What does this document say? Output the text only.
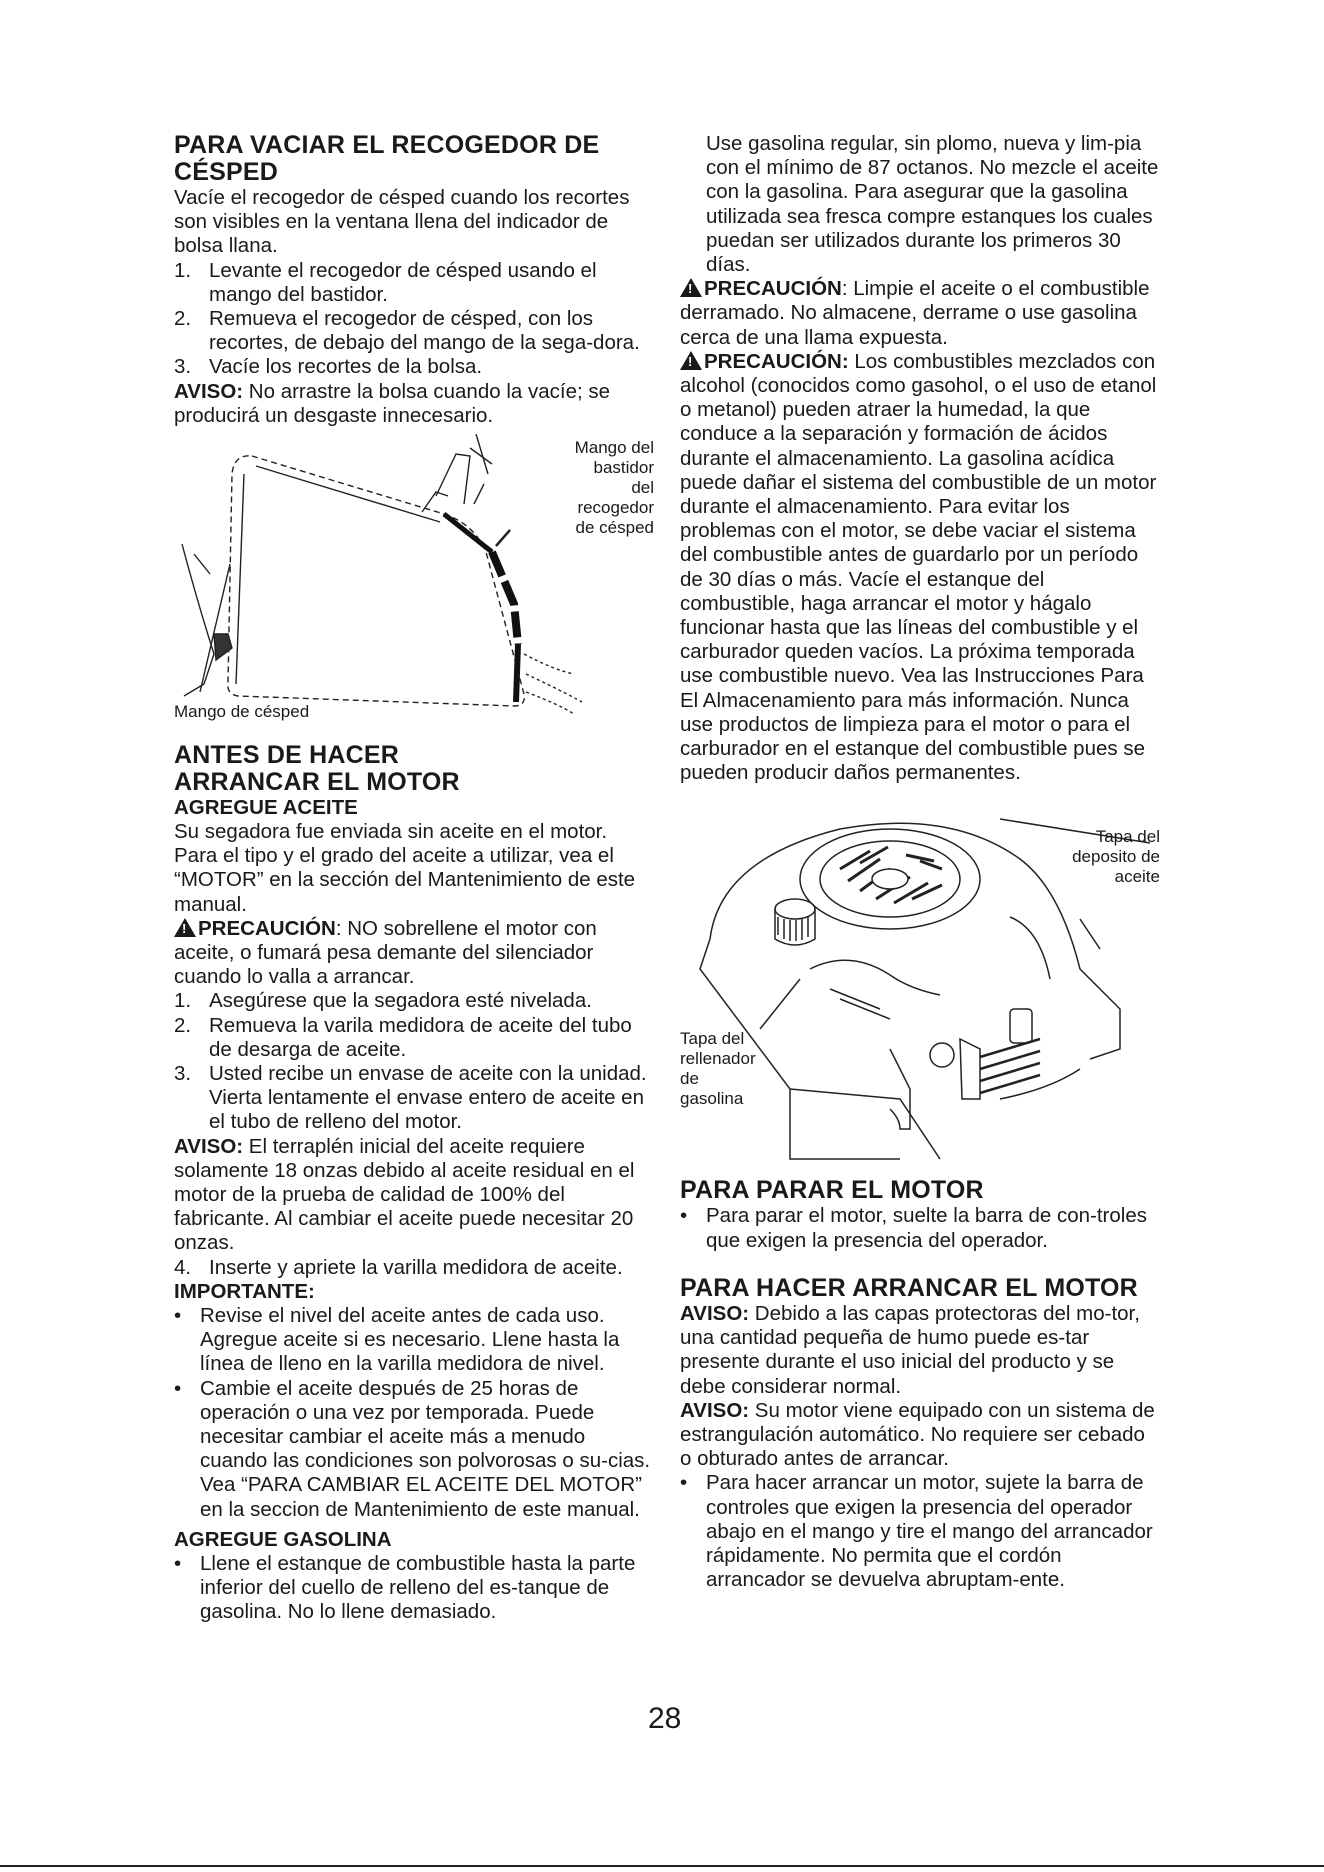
PARA VACIAR EL RECOGEDOR DE
CÉSPED

Vacíe el recogedor de césped cuando los recortes son visibles en la ventana llena del indicador de bolsa llana.

1. Levante el recogedor de césped usando el mango del bastidor.
2. Remueva el recogedor de césped, con los recortes, de debajo del mango de la sega-dora.
3. Vacíe los recortes de la bolsa.

AVISO: No arrastre la bolsa cuando la vacíe; se producirá un desgaste innecesario.

Mango del
bastidor
del
recogedor
de césped
Mango de césped
ANTES DE HACER
ARRANCAR EL MOTOR
AGREGUE ACEITE

Su segadora fue enviada sin aceite en el motor. Para el tipo y el grado del aceite a utilizar, vea el “MOTOR” en la sección del Mantenimiento de este manual.

!PRECAUCIÓN: NO sobrellene el motor con aceite, o fumará pesa demante del silenciador cuando lo valla a arrancar.

1. Asegúrese que la segadora esté nivelada.
2. Remueva la varila medidora de aceite del tubo de desarga de aceite.
3. Usted recibe un envase de aceite con la unidad. Vierta lentamente el envase entero de aceite en el tubo de relleno del motor.

AVISO: El terraplén inicial del aceite requiere solamente 18 onzas debido al aceite residual en el motor de la prueba de calidad de 100% del fabricante. Al cambiar el aceite puede necesitar 20 onzas.

4. Inserte y apriete la varilla medidora de aceite.
IMPORTANTE:
• Revise el nivel del aceite antes de cada uso. Agregue aceite si es necesario. Llene hasta la línea de lleno en la varilla medidora de nivel.
• Cambie el aceite después de 25 horas de operación o una vez por temporada. Puede necesitar cambiar el aceite más a menudo cuando las condiciones son polvorosas o su-cias. Vea “PARA CAMBIAR EL ACEITE DEL MOTOR” en la seccion de Mantenimiento de este manual.
AGREGUE GASOLINA
• Llene el estanque de combustible hasta la parte inferior del cuello de relleno del es-tanque de gasolina. No lo llene demasiado.

Use gasolina regular, sin plomo, nueva y lim-pia con el mínimo de 87 octanos. No mezcle el aceite con la gasolina. Para asegurar que la gasolina utilizada sea fresca compre estanques los cuales puedan ser utilizados durante los primeros 30 días.

!PRECAUCIÓN: Limpie el aceite o el combustible derramado. No almacene, derrame o use gasolina cerca de una llama expuesta.

!PRECAUCIÓN: Los combustibles mezclados con alcohol (conocidos como gasohol, o el uso de etanol o metanol) pueden atraer la humedad, la que conduce a la separación y formación de ácidos durante el almacenamiento. La gasolina acídica puede dañar el sistema del combustible de un motor durante el almacenamiento. Para evitar los problemas con el motor, se debe vaciar el sistema del combustible antes de guardarlo por un período de 30 días o más. Vacíe el estanque del combustible, haga arrancar el motor y hágalo funcionar hasta que las líneas del combustible y el carburador queden vacíos. La próxima temporada use combustible nuevo. Vea las Instrucciones Para El Almacenamiento para más información. Nunca use productos de limpieza para el motor o para el carburador en el estanque del combustible pues se pueden producir daños permanentes.

Tapa del
deposito de
aceite
Tapa del
rellenador
de
gasolina
PARA PARAR EL MOTOR
• Para parar el motor, suelte la barra de con-troles que exigen la presencia del operador.
PARA HACER ARRANCAR EL MOTOR

AVISO: Debido a las capas protectoras del mo-tor, una cantidad pequeña de humo puede es-tar presente durante el uso inicial del producto y se debe considerar normal.

AVISO: Su motor viene equipado con un sistema de estrangulación automático. No requiere ser cebado o obturado antes de arrancar.

• Para hacer arrancar un motor, sujete la barra de controles que exigen la presencia del operador abajo en el mango y tire el mango del arrancador rápidamente. No permita que el cordón arrancador se devuelva abruptam-ente.
28
